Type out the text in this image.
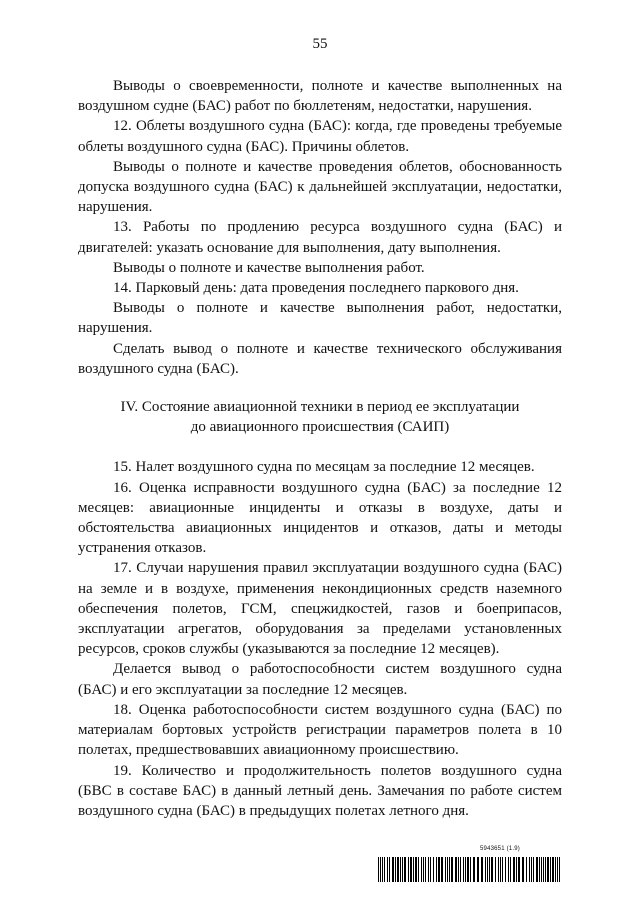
55

Выводы о своевременности, полноте и качестве выполненных на воздушном судне (БАС) работ по бюллетеням, недостатки, нарушения.

12. Облеты воздушного судна (БАС): когда, где проведены требуемые облеты воздушного судна (БАС). Причины облетов.

Выводы о полноте и качестве проведения облетов, обоснованность допуска воздушного судна (БАС) к дальнейшей эксплуатации, недостатки, нарушения.

13. Работы по продлению ресурса воздушного судна (БАС) и двигателей: указать основание для выполнения, дату выполнения.

Выводы о полноте и качестве выполнения работ.

14. Парковый день: дата проведения последнего паркового дня.

Выводы о полноте и качестве выполнения работ, недостатки, нарушения.

Сделать вывод о полноте и качестве технического обслуживания воздушного судна (БАС).

IV. Состояние авиационной техники в период ее эксплуатации
до авиационного происшествия (САИП)

15. Налет воздушного судна по месяцам за последние 12 месяцев.

16. Оценка исправности воздушного судна (БАС) за последние 12 месяцев: авиационные инциденты и отказы в воздухе, даты и обстоятельства авиационных инцидентов и отказов, даты и методы устранения отказов.

17. Случаи нарушения правил эксплуатации воздушного судна (БАС) на земле и в воздухе, применения некондиционных средств наземного обеспечения полетов, ГСМ, спецжидкостей, газов и боеприпасов, эксплуатации агрегатов, оборудования за пределами установленных ресурсов, сроков службы (указываются за последние 12 месяцев).

Делается вывод о работоспособности систем воздушного судна (БАС) и его эксплуатации за последние 12 месяцев.

18. Оценка работоспособности систем воздушного судна (БАС) по материалам бортовых устройств регистрации параметров полета в 10 полетах, предшествовавших авиационному происшествию.

19. Количество и продолжительность полетов воздушного судна (БВС в составе БАС) в данный летный день. Замечания по работе систем воздушного судна (БАС) в предыдущих полетах летного дня.

5943651 (1.9)
